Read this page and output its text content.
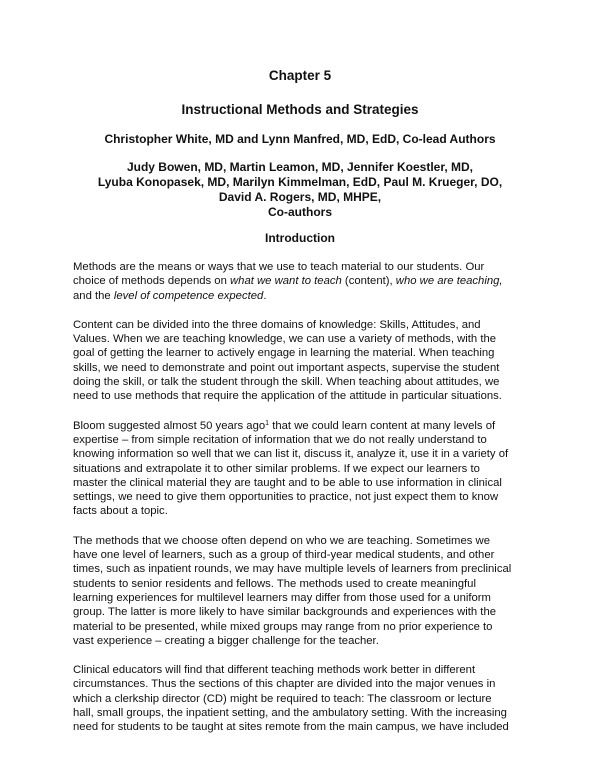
Chapter 5
Instructional Methods and Strategies
Christopher White, MD and Lynn Manfred, MD, EdD, Co-lead Authors
Judy Bowen, MD, Martin Leamon, MD, Jennifer Koestler, MD,
Lyuba Konopasek, MD, Marilyn Kimmelman, EdD, Paul M. Krueger, DO,
David A. Rogers, MD, MHPE,
Co-authors
Introduction

Methods are the means or ways that we use to teach material to our students. Our
choice of methods depends on what we want to teach (content), who we are teaching,
and the level of competence expected.

Content can be divided into the three domains of knowledge: Skills, Attitudes, and
Values. When we are teaching knowledge, we can use a variety of methods, with the
goal of getting the learner to actively engage in learning the material. When teaching
skills, we need to demonstrate and point out important aspects, supervise the student
doing the skill, or talk the student through the skill. When teaching about attitudes, we
need to use methods that require the application of the attitude in particular situations.

Bloom suggested almost 50 years ago$^1$ that we could learn content at many levels of
expertise – from simple recitation of information that we do not really understand to
knowing information so well that we can list it, discuss it, analyze it, use it in a variety of
situations and extrapolate it to other similar problems. If we expect our learners to
master the clinical material they are taught and to be able to use information in clinical
settings, we need to give them opportunities to practice, not just expect them to know
facts about a topic.

The methods that we choose often depend on who we are teaching. Sometimes we
have one level of learners, such as a group of third-year medical students, and other
times, such as inpatient rounds, we may have multiple levels of learners from preclinical
students to senior residents and fellows. The methods used to create meaningful
learning experiences for multilevel learners may differ from those used for a uniform
group. The latter is more likely to have similar backgrounds and experiences with the
material to be presented, while mixed groups may range from no prior experience to
vast experience – creating a bigger challenge for the teacher.

Clinical educators will find that different teaching methods work better in different
circumstances. Thus the sections of this chapter are divided into the major venues in
which a clerkship director (CD) might be required to teach: The classroom or lecture
hall, small groups, the inpatient setting, and the ambulatory setting. With the increasing
need for students to be taught at sites remote from the main campus, we have included
